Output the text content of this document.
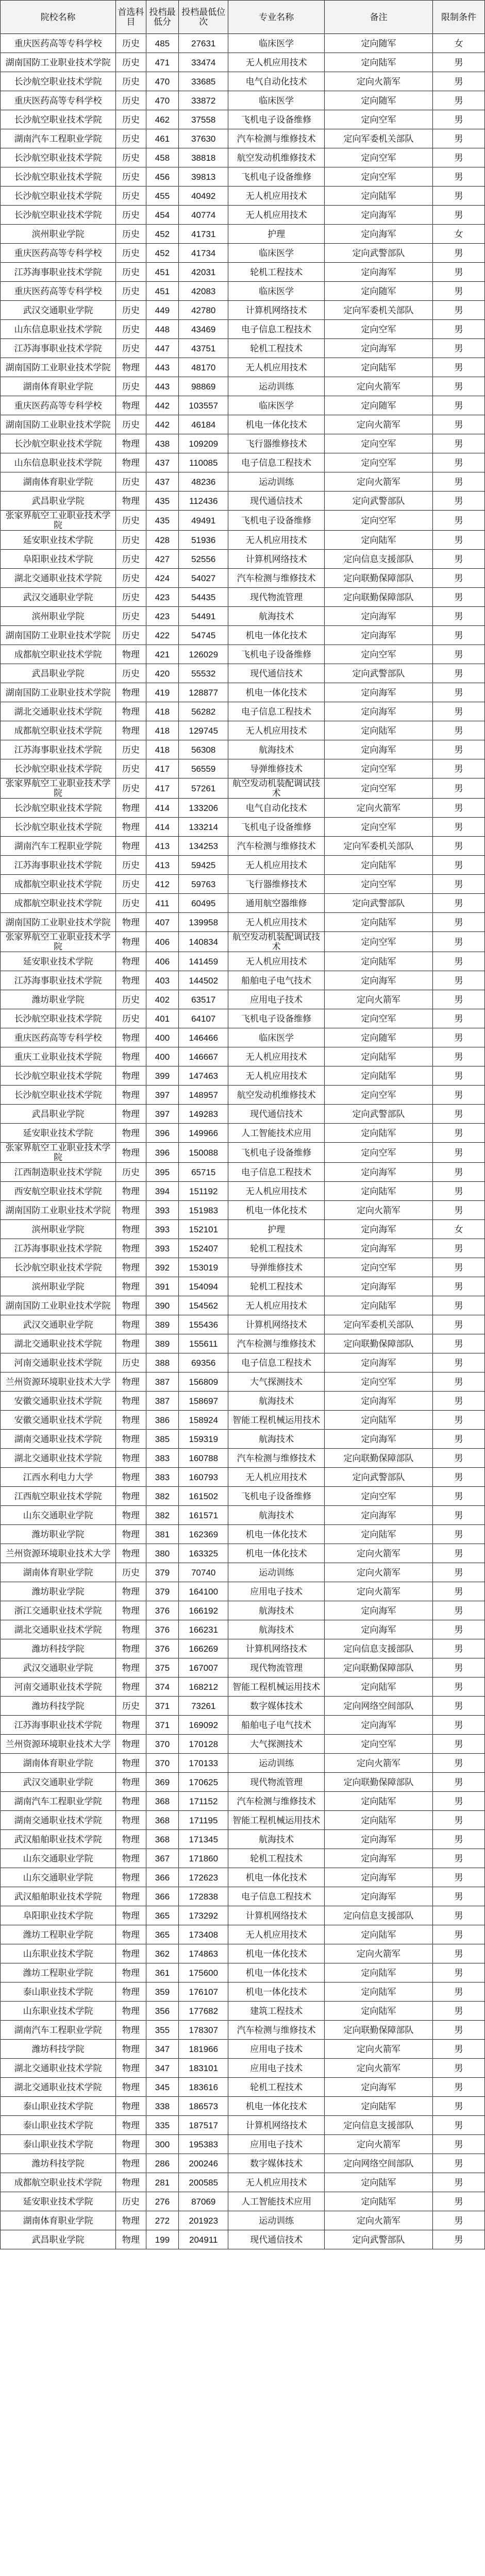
院校名称	首选科目	投档最低分	投档最低位次	专业名称	备注	限制条件
重庆医药高等专科学校	历史	485	27631	临床医学	定向随军	女
湖南国防工业职业技术学院	历史	471	33474	无人机应用技术	定向陆军	男
长沙航空职业技术学院	历史	470	33685	电气自动化技术	定向火箭军	男
重庆医药高等专科学校	历史	470	33872	临床医学	定向随军	男
长沙航空职业技术学院	历史	462	37558	飞机电子设备维修	定向空军	男
湖南汽车工程职业学院	历史	461	37630	汽车检测与维修技术	定向军委机关部队	男
长沙航空职业技术学院	历史	458	38818	航空发动机维修技术	定向空军	男
长沙航空职业技术学院	历史	456	39813	飞机电子设备维修	定向空军	男
长沙航空职业技术学院	历史	455	40492	无人机应用技术	定向陆军	男
长沙航空职业技术学院	历史	454	40774	无人机应用技术	定向海军	男
滨州职业学院	历史	452	41731	护理	定向海军	女
重庆医药高等专科学校	历史	452	41734	临床医学	定向武警部队	男
江苏海事职业技术学院	历史	451	42031	轮机工程技术	定向海军	男
重庆医药高等专科学校	历史	451	42083	临床医学	定向随军	男
武汉交通职业学院	历史	449	42780	计算机网络技术	定向军委机关部队	男
山东信息职业技术学院	历史	448	43469	电子信息工程技术	定向空军	男
江苏海事职业技术学院	历史	447	43751	轮机工程技术	定向海军	男
湖南国防工业职业技术学院	物理	443	48170	无人机应用技术	定向陆军	男
湖南体育职业学院	历史	443	98869	运动训练	定向火箭军	男
重庆医药高等专科学校	物理	442	103557	临床医学	定向随军	男
湖南国防工业职业技术学院	历史	442	46184	机电一体化技术	定向火箭军	男
长沙航空职业技术学院	物理	438	109209	飞行器维修技术	定向空军	男
山东信息职业技术学院	物理	437	110085	电子信息工程技术	定向空军	男
湖南体育职业学院	历史	437	48236	运动训练	定向火箭军	男
武昌职业学院	物理	435	112436	现代通信技术	定向武警部队	男
张家界航空工业职业技术学院	历史	435	49491	飞机电子设备维修	定向空军	男
延安职业技术学院	历史	428	51936	无人机应用技术	定向陆军	男
阜阳职业技术学院	历史	427	52556	计算机网络技术	定向信息支援部队	男
湖北交通职业技术学院	历史	424	54027	汽车检测与维修技术	定向联勤保障部队	男
武汉交通职业学院	历史	423	54435	现代物流管理	定向联勤保障部队	男
滨州职业学院	历史	423	54491	航海技术	定向海军	男
湖南国防工业职业技术学院	历史	422	54745	机电一体化技术	定向海军	男
成都航空职业技术学院	物理	421	126029	飞机电子设备维修	定向空军	男
武昌职业学院	历史	420	55532	现代通信技术	定向武警部队	男
湖南国防工业职业技术学院	物理	419	128877	机电一体化技术	定向海军	男
湖北交通职业技术学院	物理	418	56282	电子信息工程技术	定向海军	男
成都航空职业技术学院	物理	418	129745	无人机应用技术	定向陆军	男
江苏海事职业技术学院	历史	418	56308	航海技术	定向海军	男
长沙航空职业技术学院	历史	417	56559	导弹维修技术	定向空军	男
张家界航空工业职业技术学院	历史	417	57261	航空发动机装配调试技术	定向空军	男
长沙航空职业技术学院	物理	414	133206	电气自动化技术	定向火箭军	男
长沙航空职业技术学院	物理	414	133214	飞机电子设备维修	定向空军	男
湖南汽车工程职业学院	物理	413	134253	汽车检测与维修技术	定向军委机关部队	男
江苏海事职业技术学院	历史	413	59425	无人机应用技术	定向陆军	男
成都航空职业技术学院	历史	412	59763	飞行器维修技术	定向空军	男
成都航空职业技术学院	历史	411	60495	通用航空器维修	定向武警部队	男
湖南国防工业职业技术学院	物理	407	139958	无人机应用技术	定向陆军	男
张家界航空工业职业技术学院	物理	406	140834	航空发动机装配调试技术	定向空军	男
延安职业技术学院	物理	406	141459	无人机应用技术	定向陆军	男
江苏海事职业技术学院	物理	403	144502	船舶电子电气技术	定向海军	男
潍坊职业学院	历史	402	63517	应用电子技术	定向火箭军	男
长沙航空职业技术学院	历史	401	64107	飞机电子设备维修	定向空军	男
重庆医药高等专科学校	物理	400	146466	临床医学	定向随军	男
重庆工业职业技术学院	物理	400	146667	无人机应用技术	定向陆军	男
长沙航空职业技术学院	物理	399	147463	无人机应用技术	定向陆军	男
长沙航空职业技术学院	物理	397	148957	航空发动机维修技术	定向空军	男
武昌职业学院	物理	397	149283	现代通信技术	定向武警部队	男
延安职业技术学院	物理	396	149966	人工智能技术应用	定向陆军	男
张家界航空工业职业技术学院	物理	396	150088	飞机电子设备维修	定向空军	男
江西制造职业技术学院	历史	395	65715	电子信息工程技术	定向海军	男
西安航空职业技术学院	物理	394	151192	无人机应用技术	定向陆军	男
湖南国防工业职业技术学院	物理	393	151983	机电一体化技术	定向火箭军	男
滨州职业学院	物理	393	152101	护理	定向海军	女
江苏海事职业技术学院	物理	393	152407	轮机工程技术	定向海军	男
长沙航空职业技术学院	物理	392	153019	导弹维修技术	定向空军	男
滨州职业学院	物理	391	154094	轮机工程技术	定向海军	男
湖南国防工业职业技术学院	物理	390	154562	无人机应用技术	定向陆军	男
武汉交通职业学院	物理	389	155436	计算机网络技术	定向军委机关部队	男
湖北交通职业技术学院	物理	389	155611	汽车检测与维修技术	定向联勤保障部队	男
河南交通职业技术学院	历史	388	69356	电子信息工程技术	定向海军	男
兰州资源环境职业技术大学	物理	387	156809	大气探测技术	定向空军	男
安徽交通职业技术学院	物理	387	158697	航海技术	定向海军	男
安徽交通职业技术学院	物理	386	158924	智能工程机械运用技术	定向陆军	男
湖南交通职业技术学院	物理	385	159319	航海技术	定向海军	男
湖北交通职业技术学院	物理	383	160788	汽车检测与维修技术	定向联勤保障部队	男
江西水利电力大学	物理	383	160793	无人机应用技术	定向武警部队	男
江西航空职业技术学院	物理	382	161502	飞机电子设备维修	定向空军	男
山东交通职业学院	物理	382	161571	航海技术	定向海军	男
潍坊职业学院	物理	381	162369	机电一体化技术	定向陆军	男
兰州资源环境职业技术大学	物理	380	163325	机电一体化技术	定向火箭军	男
湖南体育职业学院	历史	379	70740	运动训练	定向火箭军	男
潍坊职业学院	物理	379	164100	应用电子技术	定向火箭军	男
浙江交通职业技术学院	物理	376	166192	航海技术	定向海军	男
湖北交通职业技术学院	物理	376	166231	航海技术	定向海军	男
潍坊科技学院	物理	376	166269	计算机网络技术	定向信息支援部队	男
武汉交通职业学院	物理	375	167007	现代物流管理	定向联勤保障部队	男
河南交通职业技术学院	物理	374	168212	智能工程机械运用技术	定向陆军	男
潍坊科技学院	历史	371	73261	数字媒体技术	定向网络空间部队	男
江苏海事职业技术学院	物理	371	169092	船舶电子电气技术	定向海军	男
兰州资源环境职业技术大学	物理	370	170128	大气探测技术	定向空军	男
湖南体育职业学院	物理	370	170133	运动训练	定向火箭军	男
武汉交通职业学院	物理	369	170625	现代物流管理	定向联勤保障部队	男
湖南汽车工程职业学院	物理	368	171152	汽车检测与维修技术	定向陆军	男
湖南交通职业技术学院	物理	368	171195	智能工程机械运用技术	定向陆军	男
武汉船舶职业技术学院	物理	368	171345	航海技术	定向海军	男
山东交通职业学院	物理	367	171860	轮机工程技术	定向海军	男
山东交通职业学院	物理	366	172623	机电一体化技术	定向海军	男
武汉船舶职业技术学院	物理	366	172838	电子信息工程技术	定向海军	男
阜阳职业技术学院	物理	365	173292	计算机网络技术	定向信息支援部队	男
潍坊工程职业学院	物理	365	173408	无人机应用技术	定向陆军	男
山东职业技术学院	物理	362	174863	机电一体化技术	定向火箭军	男
潍坊工程职业学院	物理	361	175600	机电一体化技术	定向陆军	男
泰山职业技术学院	物理	359	176107	机电一体化技术	定向陆军	男
山东职业技术学院	物理	356	177682	建筑工程技术	定向陆军	男
湖南汽车工程职业学院	物理	355	178307	汽车检测与维修技术	定向联勤保障部队	男
潍坊科技学院	物理	347	181966	应用电子技术	定向火箭军	男
湖北交通职业技术学院	物理	347	183101	应用电子技术	定向火箭军	男
湖北交通职业技术学院	物理	345	183616	轮机工程技术	定向海军	男
泰山职业技术学院	物理	338	186573	机电一体化技术	定向陆军	男
泰山职业技术学院	物理	335	187517	计算机网络技术	定向信息支援部队	男
泰山职业技术学院	物理	300	195383	应用电子技术	定向火箭军	男
潍坊科技学院	物理	286	200246	数字媒体技术	定向网络空间部队	男
成都航空职业技术学院	物理	281	200585	无人机应用技术	定向陆军	男
延安职业技术学院	历史	276	87069	人工智能技术应用	定向陆军	男
湖南体育职业学院	物理	272	201923	运动训练	定向火箭军	男
武昌职业学院	物理	199	204911	现代通信技术	定向武警部队	男
